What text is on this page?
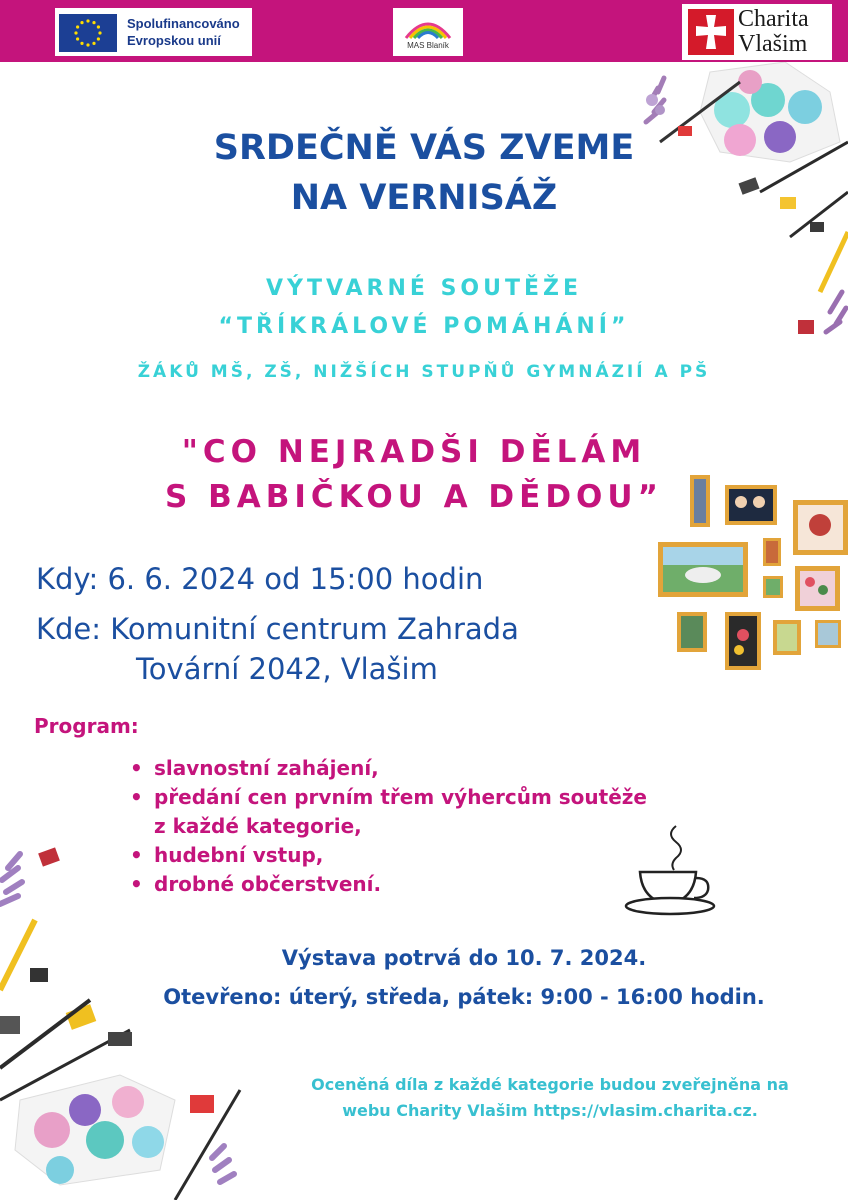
Spolufinancováno
Evropskou unií	MAS Blaník
Charita
Vlašim
SRDEČNĚ VÁS ZVEME
NA VERNISÁŽ
VÝTVARNÉ SOUTĚŽE
“TŘÍKRÁLOVÉ POMÁHÁNÍ”
ŽÁKŮ MŠ, ZŠ, NIŽŠÍCH STUPŇŮ GYMNÁZIÍ A PŠ
"CO NEJRADŠI DĚLÁM
S BABIČKOU A DĚDOU”
Kdy: 6. 6. 2024 od 15:00 hodin
Kde: Komunitní centrum Zahrada
Tovární 2042, Vlašim
Program:
• slavnostní zahájení,
• předání cen prvním třem výhercům soutěže
z každé kategorie,
• hudební vstup,
• drobné občerstvení.
Výstava potrvá do 10. 7. 2024.
Otevřeno: úterý, středa, pátek: 9:00 - 16:00 hodin.
Oceněná díla z každé kategorie budou zveřejněna na
webu Charity Vlašim https://vlasim.charita.cz.
